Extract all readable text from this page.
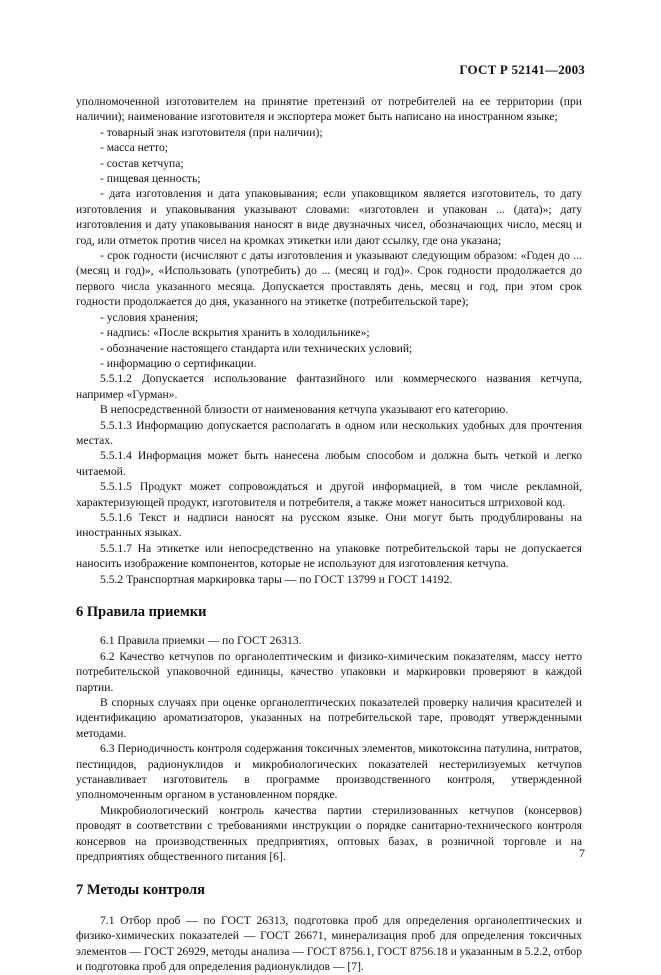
ГОСТ Р 52141—2003

уполномоченной изготовителем на принятие претензий от потребителей на ее территории (при наличии); наименование изготовителя и экспортера может быть написано на иностранном языке;

- товарный знак изготовителя (при наличии);

- масса нетто;

- состав кетчупа;

- пищевая ценность;

- дата изготовления и дата упаковывания; если упаковщиком является изготовитель, то дату изготовления и упаковывания указывают словами: «изготовлен и упакован ... (дата)»; дату изготовления и дату упаковывания наносят в виде двузначных чисел, обозначающих число, месяц и год, или отметок против чисел на кромках этикетки или дают ссылку, где она указана;

- срок годности (исчисляют с даты изготовления и указывают следующим образом: «Годен до ... (месяц и год)», «Использовать (употребить) до ... (месяц и год)». Срок годности продолжается до первого числа указанного месяца. Допускается проставлять день, месяц и год, при этом срок годности продолжается до дня, указанного на этикетке (потребительской таре);

- условия хранения;

- надпись: «После вскрытия хранить в холодильнике»;

- обозначение настоящего стандарта или технических условий;

- информацию о сертификации.

5.5.1.2 Допускается использование фантазийного или коммерческого названия кетчупа, например «Гурман».

В непосредственной близости от наименования кетчупа указывают его категорию.

5.5.1.3 Информацию допускается располагать в одном или нескольких удобных для прочтения местах.

5.5.1.4 Информация может быть нанесена любым способом и должна быть четкой и легко читаемой.

5.5.1.5 Продукт может сопровождаться и другой информацией, в том числе рекламной, характеризующей продукт, изготовителя и потребителя, а также может наноситься штриховой код.

5.5.1.6 Текст и надписи наносят на русском языке. Они могут быть продублированы на иностранных языках.

5.5.1.7 На этикетке или непосредственно на упаковке потребительской тары не допускается наносить изображение компонентов, которые не используют для изготовления кетчупа.

5.5.2 Транспортная маркировка тары — по ГОСТ 13799 и ГОСТ 14192.

6 Правила приемки

6.1 Правила приемки — по ГОСТ 26313.

6.2 Качество кетчупов по органолептическим и физико-химическим показателям, массу нетто потребительской упаковочной единицы, качество упаковки и маркировки проверяют в каждой партии.

В спорных случаях при оценке органолептических показателей проверку наличия красителей и идентификацию ароматизаторов, указанных на потребительской таре, проводят утвержденными методами.

6.3 Периодичность контроля содержания токсичных элементов, микотоксина патулина, нитратов, пестицидов, радионуклидов и микробиологических показателей нестерилизуемых кетчупов устанавливает изготовитель в программе производственного контроля, утвержденной уполномоченным органом в установленном порядке.

Микробиологический контроль качества партии стерилизованных кетчупов (консервов) проводят в соответствии с требованиями инструкции о порядке санитарно-технического контроля консервов на производственных предприятиях, оптовых базах, в розничной торговле и на предприятиях общественного питания [6].

7 Методы контроля

7.1 Отбор проб — по ГОСТ 26313, подготовка проб для определения органолептических и физико-химических показателей — ГОСТ 26671, минерализация проб для определения токсичных элементов — ГОСТ 26929, методы анализа — ГОСТ 8756.1, ГОСТ 8756.18 и указанным в 5.2.2, отбор и подготовка проб для определения радионуклидов — [7].

7
